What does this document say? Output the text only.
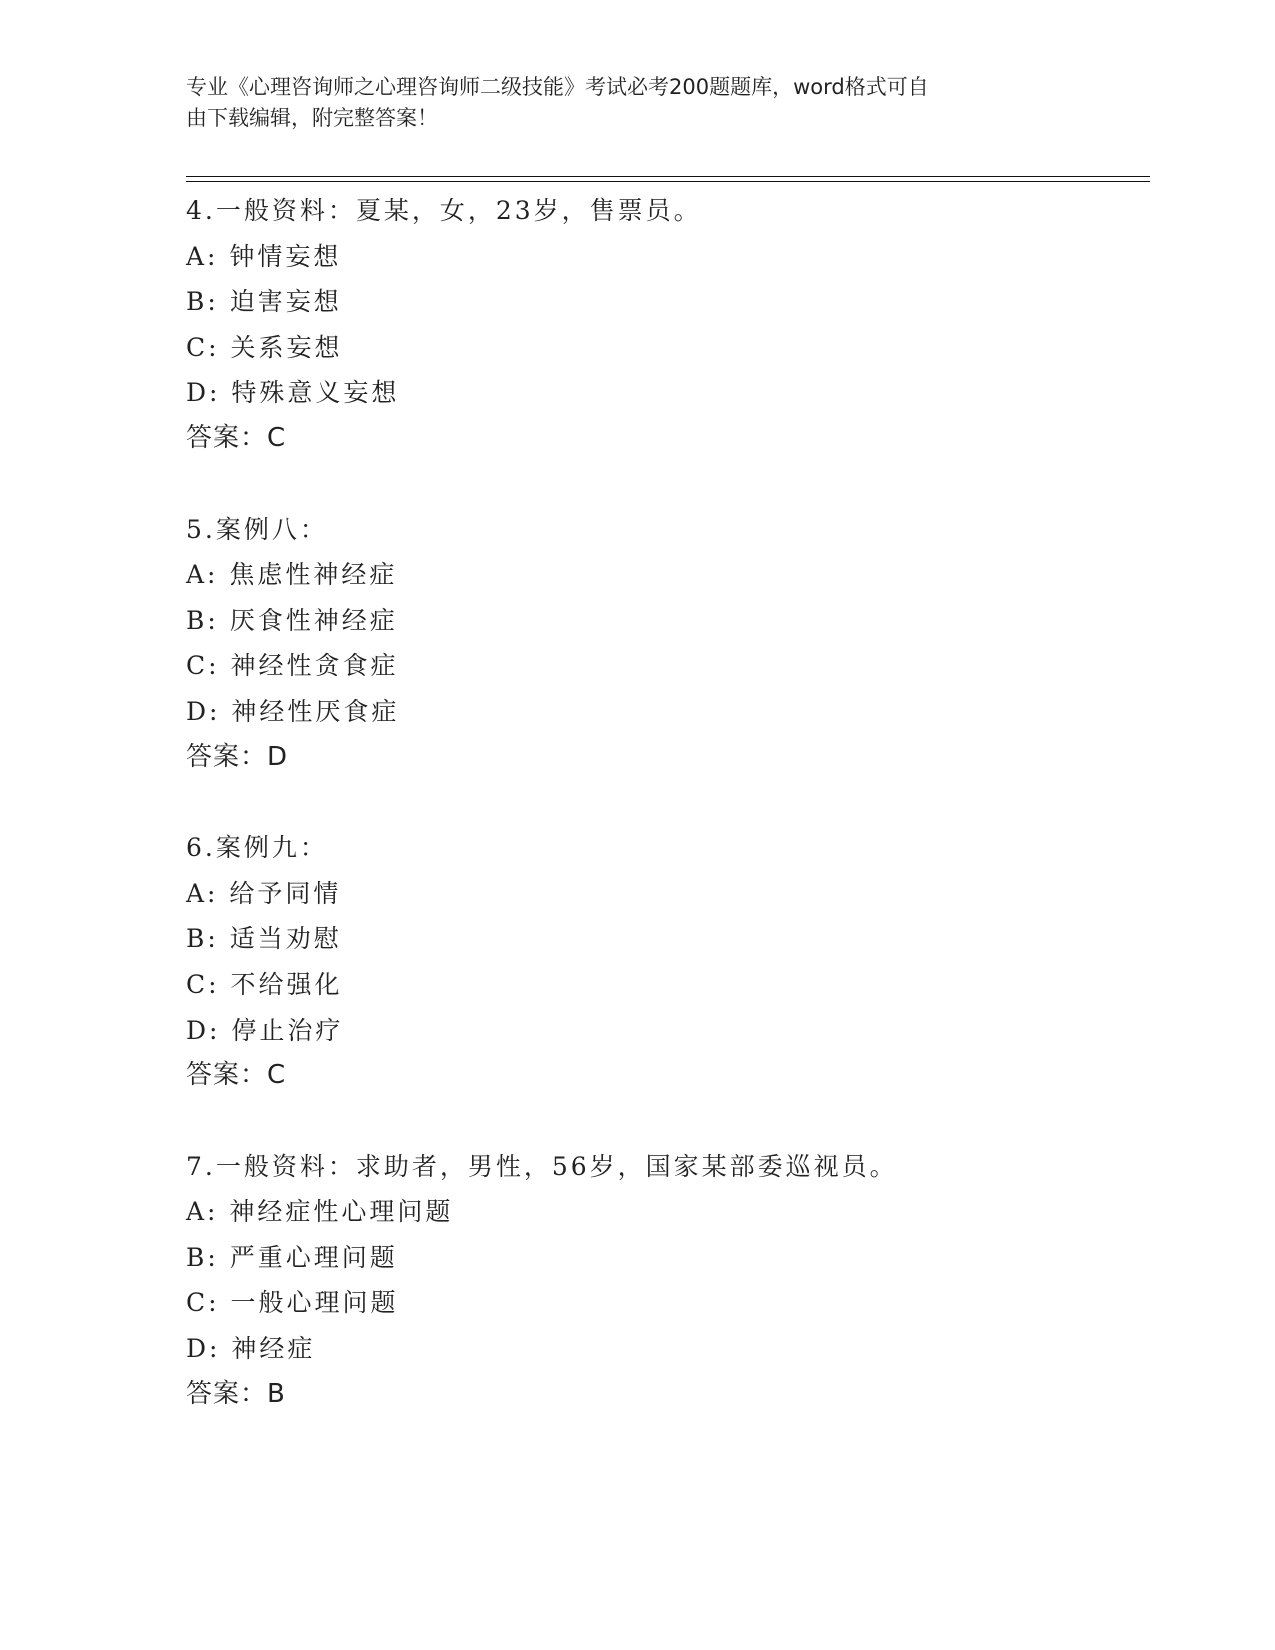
专业《心理咨询师之心理咨询师二级技能》考试必考200题题库，word格式可自
由下载编辑，附完整答案！
4.一般资料：夏某，女，23岁，售票员。
A: 钟情妄想
B: 迫害妄想
C: 关系妄想
D: 特殊意义妄想
答案：C
5.案例八：
A: 焦虑性神经症
B: 厌食性神经症
C: 神经性贪食症
D: 神经性厌食症
答案：D
6.案例九：
A: 给予同情
B: 适当劝慰
C: 不给强化
D: 停止治疗
答案：C
7.一般资料：求助者，男性，56岁，国家某部委巡视员。
A: 神经症性心理问题
B: 严重心理问题
C: 一般心理问题
D: 神经症
答案：B
